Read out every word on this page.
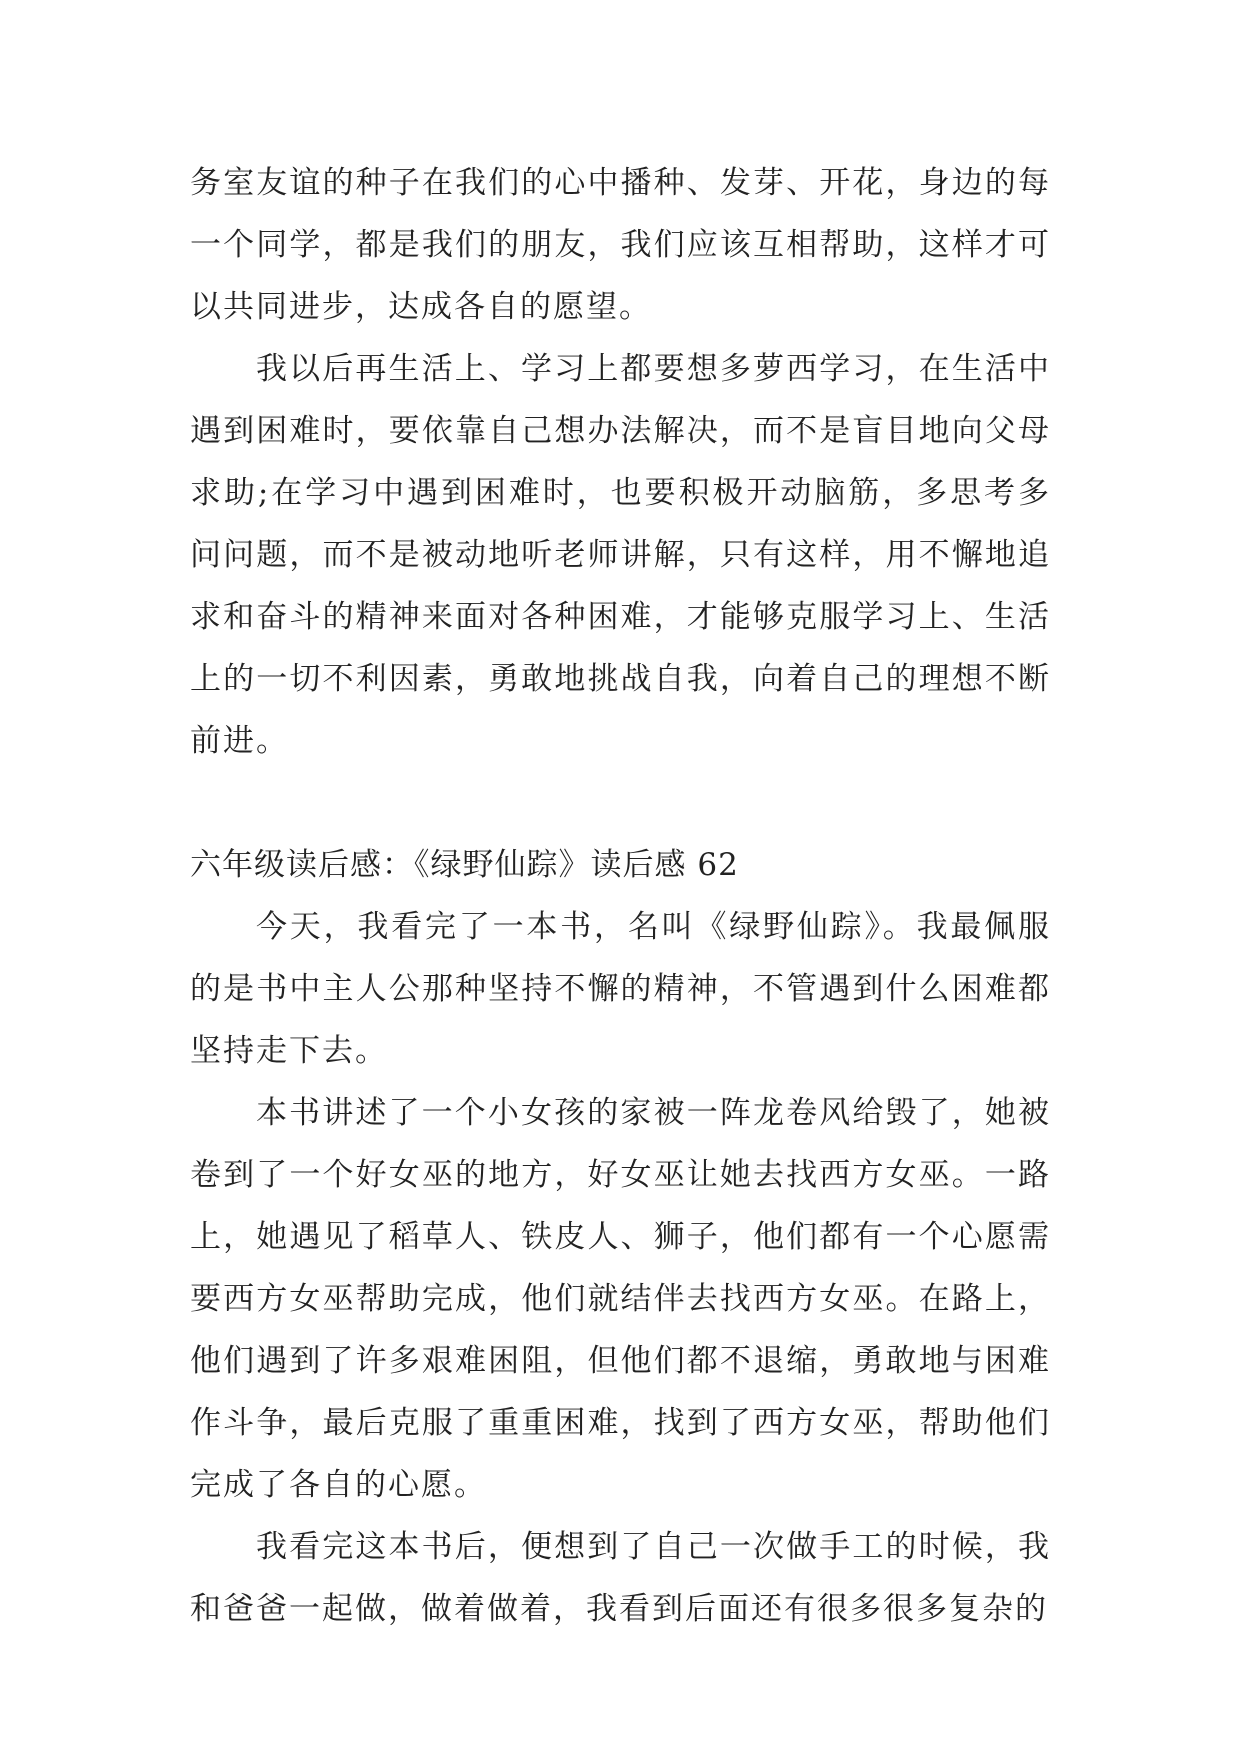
务室友谊的种子在我们的心中播种、发芽、开花，身边的每一个同学，都是我们的朋友，我们应该互相帮助，这样才可以共同进步，达成各自的愿望。

我以后再生活上、学习上都要想多萝西学习，在生活中遇到困难时，要依靠自己想办法解决，而不是盲目地向父母求助;在学习中遇到困难时，也要积极开动脑筋，多思考多问问题，而不是被动地听老师讲解，只有这样，用不懈地追求和奋斗的精神来面对各种困难，才能够克服学习上、生活上的一切不利因素，勇敢地挑战自我，向着自己的理想不断前进。

六年级读后感：《绿野仙踪》读后感 62

今天，我看完了一本书，名叫《绿野仙踪》。我最佩服的是书中主人公那种坚持不懈的精神，不管遇到什么困难都坚持走下去。

本书讲述了一个小女孩的家被一阵龙卷风给毁了，她被卷到了一个好女巫的地方，好女巫让她去找西方女巫。一路上，她遇见了稻草人、铁皮人、狮子，他们都有一个心愿需要西方女巫帮助完成，他们就结伴去找西方女巫。在路上，他们遇到了许多艰难困阻，但他们都不退缩，勇敢地与困难作斗争，最后克服了重重困难，找到了西方女巫，帮助他们完成了各自的心愿。

我看完这本书后，便想到了自己一次做手工的时候，我和爸爸一起做，做着做着，我看到后面还有很多很多复杂的
